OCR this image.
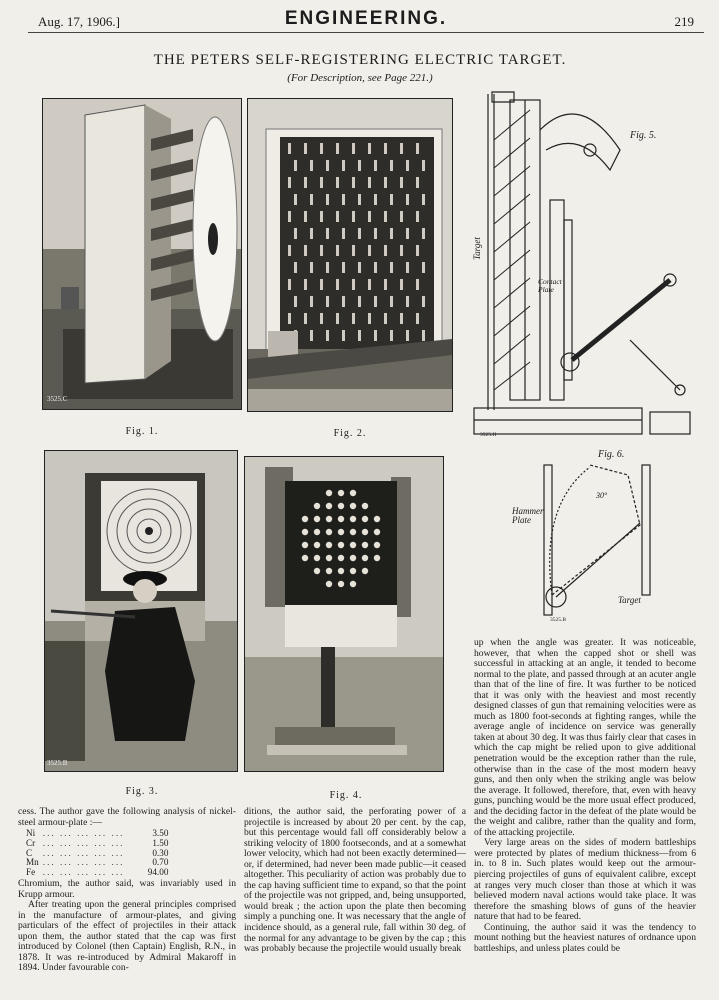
Aug. 17, 1906.]	ENGINEERING.	219
THE PETERS SELF-REGISTERING ELECTRIC TARGET.
(For Description, see Page 221.)
3525.C
Fig. 1.	Fig. 2.
Fig. 5.
Target
Contact Plate
3525.H
Fig. 6.
Hammer Plate
Target
30°
3525.B
3525.B
Fig. 3.	Fig. 4.

cess. The author gave the following analysis of nickel-steel armour-plate :—

Ni	... ... ... ... ...	3.50
Cr	... ... ... ... ...	1.50
C	... ... ... ... ...	0.30
Mn	... ... ... ... ...	0.70
Fe	... ... ... ... ...	94.00

Chromium, the author said, was invariably used in Krupp armour.

After treating upon the general principles comprised in the manufacture of armour-plates, and giving particulars of the effect of projectiles in their attack upon them, the author stated that the cap was first introduced by Colonel (then Captain) English, R.N., in 1878. It was re-introduced by Admiral Makaroff in 1894. Under favourable con-

ditions, the author said, the perforating power of a projectile is increased by about 20 per cent. by the cap, but this percentage would fall off considerably below a striking velocity of 1800 footseconds, and at a somewhat lower velocity, which had not been exactly determined—or, if determined, had never been made public—it ceased altogether. This peculiarity of action was probably due to the cap having sufficient time to expand, so that the point of the projectile was not gripped, and, being unsupported, would break ; the action upon the plate then becoming simply a punching one. It was necessary that the angle of incidence should, as a general rule, fall within 30 deg. of the normal for any advantage to be given by the cap ; this was probably because the projectile would usually break

up when the angle was greater. It was noticeable, however, that when the capped shot or shell was successful in attacking at an angle, it tended to become normal to the plate, and passed through at an acuter angle than that of the line of fire. It was further to be noticed that it was only with the heaviest and most recently designed classes of gun that remaining velocities were as much as 1800 foot-seconds at fighting ranges, while the average angle of incidence on service was generally taken at about 30 deg. It was thus fairly clear that cases in which the cap might be relied upon to give additional penetration would be the exception rather than the rule, otherwise than in the case of the most modern heavy guns, and then only when the striking angle was below the average. It followed, therefore, that, even with heavy guns, punching would be the more usual effect produced, and the deciding factor in the defeat of the plate would be the weight and calibre, rather than the quality and form, of the attacking projectile.

Very large areas on the sides of modern battleships were protected by plates of medium thickness—from 6 in. to 8 in. Such plates would keep out the armour-piercing projectiles of guns of equivalent calibre, except at ranges very much closer than those at which it was believed modern naval actions would take place. It was therefore the smashing blows of guns of the heavier nature that had to be feared.

Continuing, the author said it was the tendency to mount nothing but the heaviest natures of ordnance upon battleships, and unless plates could be
